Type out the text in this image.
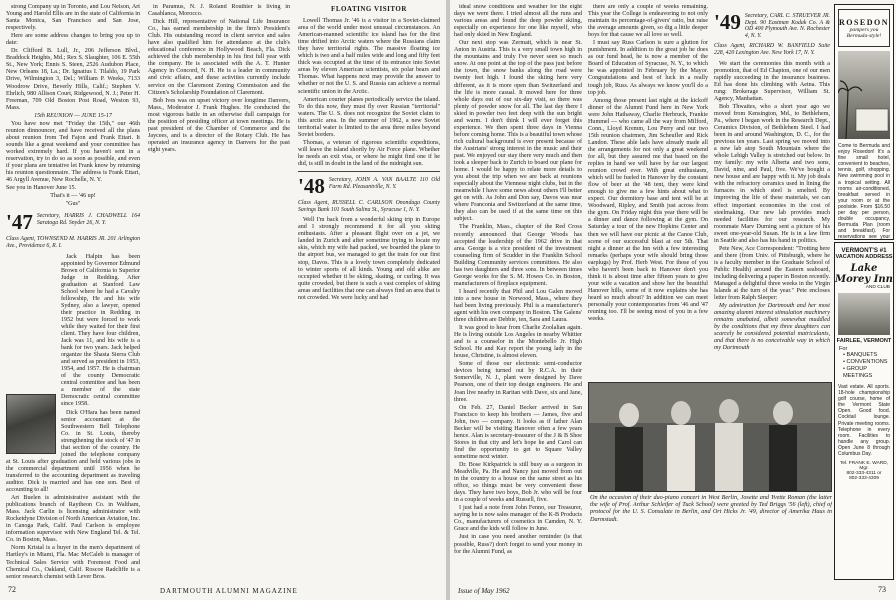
strong Company up in Toronto, and Lou Nelson, Art Young and Harold Ellis are in the state of California in Santa Monica, San Francisco and San Jose, respectively.

Here are some address changes to bring you up to date:

Dr. Clifford B. Lull, Jr., 206 Jefferson Blvd., Braddock Heights, Md.; Rex S. Slaughter, 106 E. 55th St., New York; Ennis S. Steen, 2526 Audubon Place, New Orleans 18, La.; Dr. Ignatius I. Tilaldo, 19 Park Drive, Wilmington 3, Del.; William P. Weeks, 7133 Woodrow Drive, Beverly Hills, Calif.; Stephen V. Ehrlich, 980 Allison Court, Ridgewood, N. J.; Peter H. Freeman, 709 Old Boston Post Road, Weston 93, Mass.

15th REUNION — JUNE 15-17

You have now met "Friday the 15th," our 46th reunion dinnouncer, and have received all the plans about reunion from Ted Fajon and Frank Ettari. It sounds like a great weekend and your committee has worked extremely hard. If you haven't sent in a reservation, try to do so as soon as possible, and even if your plans are tentative let Frank know by returning his reunion questionnaire. The address is Frank Ettari, 46 Argyll Avenue, New Rochelle, N. Y.

See you in Hanover June 15.

That's it — '46 up!

"Gus"

'47 Secretary, HARRIS J. CHADWELL 164 Saratoga Rd. Snyder 26, N. Y.
Class Agent, TOWNSEND M. HARRIS JR. 201 Arlington Ave., Providence 6, R. I.

Jack Halpin has been appointed by Governor Edmund Brown of California to Superior Judge in Redding. After graduation at Stanford Law School where he had a Cavalry fellowship, He and his wife Sydney, also a lawyer, opened their practice in Redding in 1952 but were forced to work while they waited for their first client. They have four children, Jack was 11, and his wife is a bank for two years. Jack helped organize the Shasta Sierra Club and served as president in 1953, 1954, and 1957. He is chairman of the county Democratic central committee and has been a member of the state Democratic central committee since 1958.

Dick O'Hara has been named senior accountant at the Southwestern Bell Telephone Co. in St. Louis, thereby strengthening the stock of '47 in that section of the country. He joined the telephone company at St. Louis after graduation and held various jobs in the commercial department until 1956 when he transferred to the accounting department as traveling auditor. Dick is married and has one son. Best of accounting to all!

Art Buelen is administrative assistant with the publications branch of Raytheon Co. in Waltham, Mass. Jack Carlin is licensing administrator with Rocketdyne Division of North American Aviation, Inc. in Canoga Park, Calif. Paul Carlson is employee information supervisor with New England Tel. & Tel. Co. in Boston, Mass.

Norm Kristal is a buyer in the men's department of Hartley's in Miami, Fla. Mac McCaleb is manager of Technical Sales Service with Foremost Food and Chemical Co., Oakland, Calif. Roscoe Radcliffe is a senior research chemist with Lever Bros.

in Paramus, N. J. Roland Routhier is living in Casablanca, Morocco.

Dick Hill, representative of National Life Insurance Co., has earned membership in the firm's President's Club. His outstanding record in client service and sales have also qualified him for attendance at the club's educational conference in Hollywood Beach, Fla. Dick achieved the club membership in his first full year with the company. He is associated with the A. T. Hunter Agency in Concord, N. H. He is a leader in community and civic affairs, and these activities currently include service on the Claremont Zoning Commission and the Citizen's Scholarship Foundation of Claremont.

Bob Ives was on upset victory over longtime Danvers, Mass., Moderator J. Frank Hughes. He conducted the most vigorous battle in an otherwise dull campaign for the position of presiding officer at town meetings. He is past president of the Chamber of Commerce and the Jaycees, and is a director of the Rotary Club. He has operated an insurance agency in Danvers for the past eight years.

FLOATING VISITOR

Lowell Thomas Jr. '46 is a visitor in a Soviet-claimed area of the world under most unusual circumstances. An American-manned scientific ice island has for the first time drifted into Arctic waters where the Russians claim they have territorial rights. The massive floating ice which is two and a half miles wide and long and fifty feet thick was occupied at the time of its entrance into Soviet areas by eleven American scientists, six polar bears and Thomas. What happens next may provide the answer to whether or not the U. S. and Russia can achieve a normal scientific union in the Arctic.

American courier planes periodically service the island. To do this now, they must fly over Russian "territorial" waters. The U. S. does not recognize the Soviet claim to this arctic area. In the summer of 1962, a new Soviet territorial water is limited to the area three miles beyond Soviet borders.

Thomas, a veteran of rigorous scientific expeditions, will leave the island shortly by Air Force plane. Whether he needs an exit visa, or where he might find one if he did, is still in doubt in the land of the midnight sun.

'48 Secretary, JOHN A. VAN BAALTE 110 Old Farm Rd. Pleasantville, N. Y.
Class Agent, RUSSELL C. CARLSON Onondaga County Savings Bank 101 South Salina St., Syracuse 1, N. Y.

Well I'm back from a wonderful skiing trip in Europe and I strongly recommend it for all you skiing enthusiasts. After a pleasant flight over on a jet, we landed in Zurich and after sometime trying to locate my skis, which my wife had packed, we boarded the plane to the airport bus, we managed to get the train for our first stop, Davos. This is a lovely town completely dedicated to winter sports of all kinds. Young and old alike are occupied whether it be skiing, skating, or curling. It was quite crowded, but there is such a vast complex of skiing areas and facilities that one can always find an area that is not crowded. We were lucky and had

72	DARTMOUTH ALUMNI MAGAZINE

ideal snow conditions and weather for the eight days we were there. I tried almost all the runs and various areas and found the deep powder skiing, especially on experience for one like myself, who had only skied in New England.

Our next stop was Zermatt, which is near St. Anton in Austria. This is a very small town high in the mountains and truly I've never seen so much snow. At one point at the top of the pass just before the town, the snow banks along the road were twenty feet high. I found the skiing here very different, as it is more open than Switzerland and the life is more casual. It moved here for three whole days out of our six-day visit, so there was plenty of powder snow for all. The last day there I skied in powder two feet deep with the sun bright and warm. I don't think I will ever forget this experience. We then spent three days in Vienna before coming home. This is a beautiful town whose rich cultural background is ever present because of the Austrians' strong interest in the music and their past. We enjoyed our stay there very much and then took a sleeper back to Zurich to board our plane for home. I would be happy to relate more details to you about the trip when we are back at reunions especially about the Viennese night clubs, but in the meanwhile I have some news about others I'll better get on with. As John and Don say, Davos was near where Franconia and Switzerland at the same time, they also can be used if at the same time on this subject.

The Franklin, Mass., chapter of the Red Cross recently announced that George Woods has accepted the leadership of the 1962 drive in that area. George is a vice president of the investment counseling firm of Scudder in the Franklin School Building Community services committees. He also has two daughters and three sons. In between times George works for the S. M. Howes Co. in Boston, manufacturers of fireplace equipment.

I heard recently that Phil and Lou Galen moved into a new house in Norwood, Mass., where they had been living previously. Phil is a manufacturer's agent with his own company in Boston. The Galens' three children are Debbie, ten, Sara and Laura.

It was good to hear from Charlie Zoolalian again. He is living outside Los Angeles in nearby Whittier and is a counselor in the Montebello Jr. High School. He and Kay report the young lady in the house, Christine, is almost eleven.

Some of those our electronic semi-conductor devices being turned out by R.C.A. in their Somerville, N. J., plant were designed by Dave Pearson, one of their top design engineers. He and Joan live nearby in Raritan with Dave, six and Jane, three.

On Feb. 27, Daniel Becker arrived in San Francisco to keep his brothers — James, five and John, two — company. It looks as if father Alan Becker will be visiting Hanover often a few years hence. Alan is secretary-treasurer of the J & B Shoe Stores in that city and let's hope he and Carol can find the opportunity to get to Square Valley sometime next winter.

Dr. Bose Kirkpatrick is still busy as a surgeon in Meadville, Pa. He and Nancy just moved from out in the country to a house on the same street as his office, so things must be very convenient these days. They have two boys, Bob Jr. who will be four in a couple of weeks and Russell, five.

I just had a note from John Fenno, our Treasurer, saying he is now sales manager of the K-B Products Co., manufacturers of cosmetics in Camden, N. Y. Grace and the kids will follow in June.

Just in case you need another reminder (is that possible, Russ?) don't forget to send your money in for the Alumni Fund, as

there are only a couple of weeks remaining. This year the College is endeavoring to not only maintain its percentage-of-givers' ratio, but raise the average amounts given, so dig a little deeper boys for that cause we all love so well.

I must say Russ Carlson is sure a glutton for punishment. In addition to the great job he does as our fund head, he is now a member of the Board of Education of Syracuse, N. Y., to which he was appointed in February by the Mayor. Congratulations and best of luck in a really tough job, Russ. As always we know you'll do a top job.

Among those present last night at the kickoff dinner of the Alumni Fund here in New York were John Hathaway, Charlie Herbruck, Frankie Hummel — who came all the way from Milford, Conn., Lloyd Kremm, Lou Perry and our two 15th reunion chairmen, Jim Scheufler and Rick Landon. These able lads have already made all the arrangements for not only a great weekend for all, but they assured me that based on the replies in hand we will have by far our largest reunion crowd ever. With great enthusiasm, which will be fueled in Hanover by the constant flow of beer at the '48 tent, they were kind enough to give me a few hints about what to expect. Our dormitory base and tent will be at Woodward, Ripley, and Smith just across from the gym. On Friday night this year there will be a dinner and dance following at the gym. On Saturday a tour of the new Hopkins Center and then we will have our picnic at the Canoe Club, scene of our successful blast at our 5th. That night a dinner at the Inn with a few interesting remarks (perhaps your wife should bring those earplugs) by Prof. Herb West. For those of you who haven't been back to Hanover don't you think it is about time after fifteen years to give your wife a vacation and show her the beautiful Hanover hills, some of it now explains she has heard so much about? In addition we can meet personally your contemporaries from '46 and '47 reuning too. I'll be seeing most of you in a few weeks.

'49 Secretary, CARL C. STRUEVER JR. Dept. 90 Eastman Kodak Co. A & OD 400 Plymouth Ave. N. Rochester 4, N. Y.
Class Agent, RICHARD W. BANFIELD Suite 228, 420 Lexington Ave. New York 17, N. Y.

We start the ceremonies this month with a promotion, that of Ed Chapton, one of our men rapidly succeeding in the insurance business. Ed has done his climbing with Aetna. This rung: Brokerage Supervisor, William St. Agency, Manhattan.

Bob Thwaites, who a short year ago we moved from Kensington, Md., to Bethlehem, Pa., where I began work in the Research Dept., Ceramics Division, of Bethlehem Steel. I had been in and around Washington, D. C., for the previous ten years. Last spring we moved into a new lab atop South Mountain where the whole Lehigh Valley is stretched out below. In my family: my wife Alberta and two sons, David, nine, and Paul, five. We've bought a new house and are happy with it. My job deals with the refractory ceramics used in lining the furnaces in which steel is smelted. By improving the life of these materials, we can effect important economies in the cost of steelmaking. Our new lab provides much needed facilities for our research. My roommate Marv Durning sent a picture of his sweet one-year-old Susan. He is in a law firm in Seattle and also has his hand in politics.

Pete New, Ace Correspondent: "Trotting here and there (from Univ. of Pittsburgh, where he is a faculty member in the Graduate School of Public Health) around the Eastern seaboard, including delivering a paper in Boston recently. Managed a delightful three weeks in the Virgin Islands at the turn of the year." Pete encloses letter from Ralph Sleeper:

My admiration for Dartmouth and her most amazing alumni interest stimulation machinery remains unabated, albeit somewhat muddled by the conditions that my three daughters can scarcely be considered potential matriculants, and that there is no conceivable way in which my Dartmouth

On the occasion of their duo-piano concert in West Berlin, Josette and Yvette Roman (the latter the wife of Prof. Arthur Schleifer of Tuck School) were greeted by Ted Briggs '56 (left), chief of protocol for the U. S. Consulate in Berlin, and Ort Hicks Jr. '49, director of Amerika Haus in Darmstadt.
ROSEDON
pampers you
Bermuda-style!
Come to Bermuda and enjoy Rosedon! It's a fine small hotel, convenient to beaches, tennis, golf, shopping. New swimming pool in a tropical setting. All rooms air-conditioned, breakfast served in your room or at the poolside. From $16.50 per day per person, double occupancy, Bermuda Plan (room and breakfast). For reservations see your
VERMONT'S #1
VACATION ADDRESS
Lake Morey Inn
AND CLUB
FAIRLEE, VERMONT
For
• BANQUETS
• CONVENTIONS
• GROUP MEETINGS
Vast estate. All sports. 18-hole championship golf course, home of the Vermont State Open. Good food. Cocktail lounge. Private meeting rooms. Telephone in every room. Facilities to handle any group. Open June 8 through Columbus Day.
Tel. FRANK E. WARD, Mgr.
802-333-4311 or
802-333-4309
Issue of May 1962	73
